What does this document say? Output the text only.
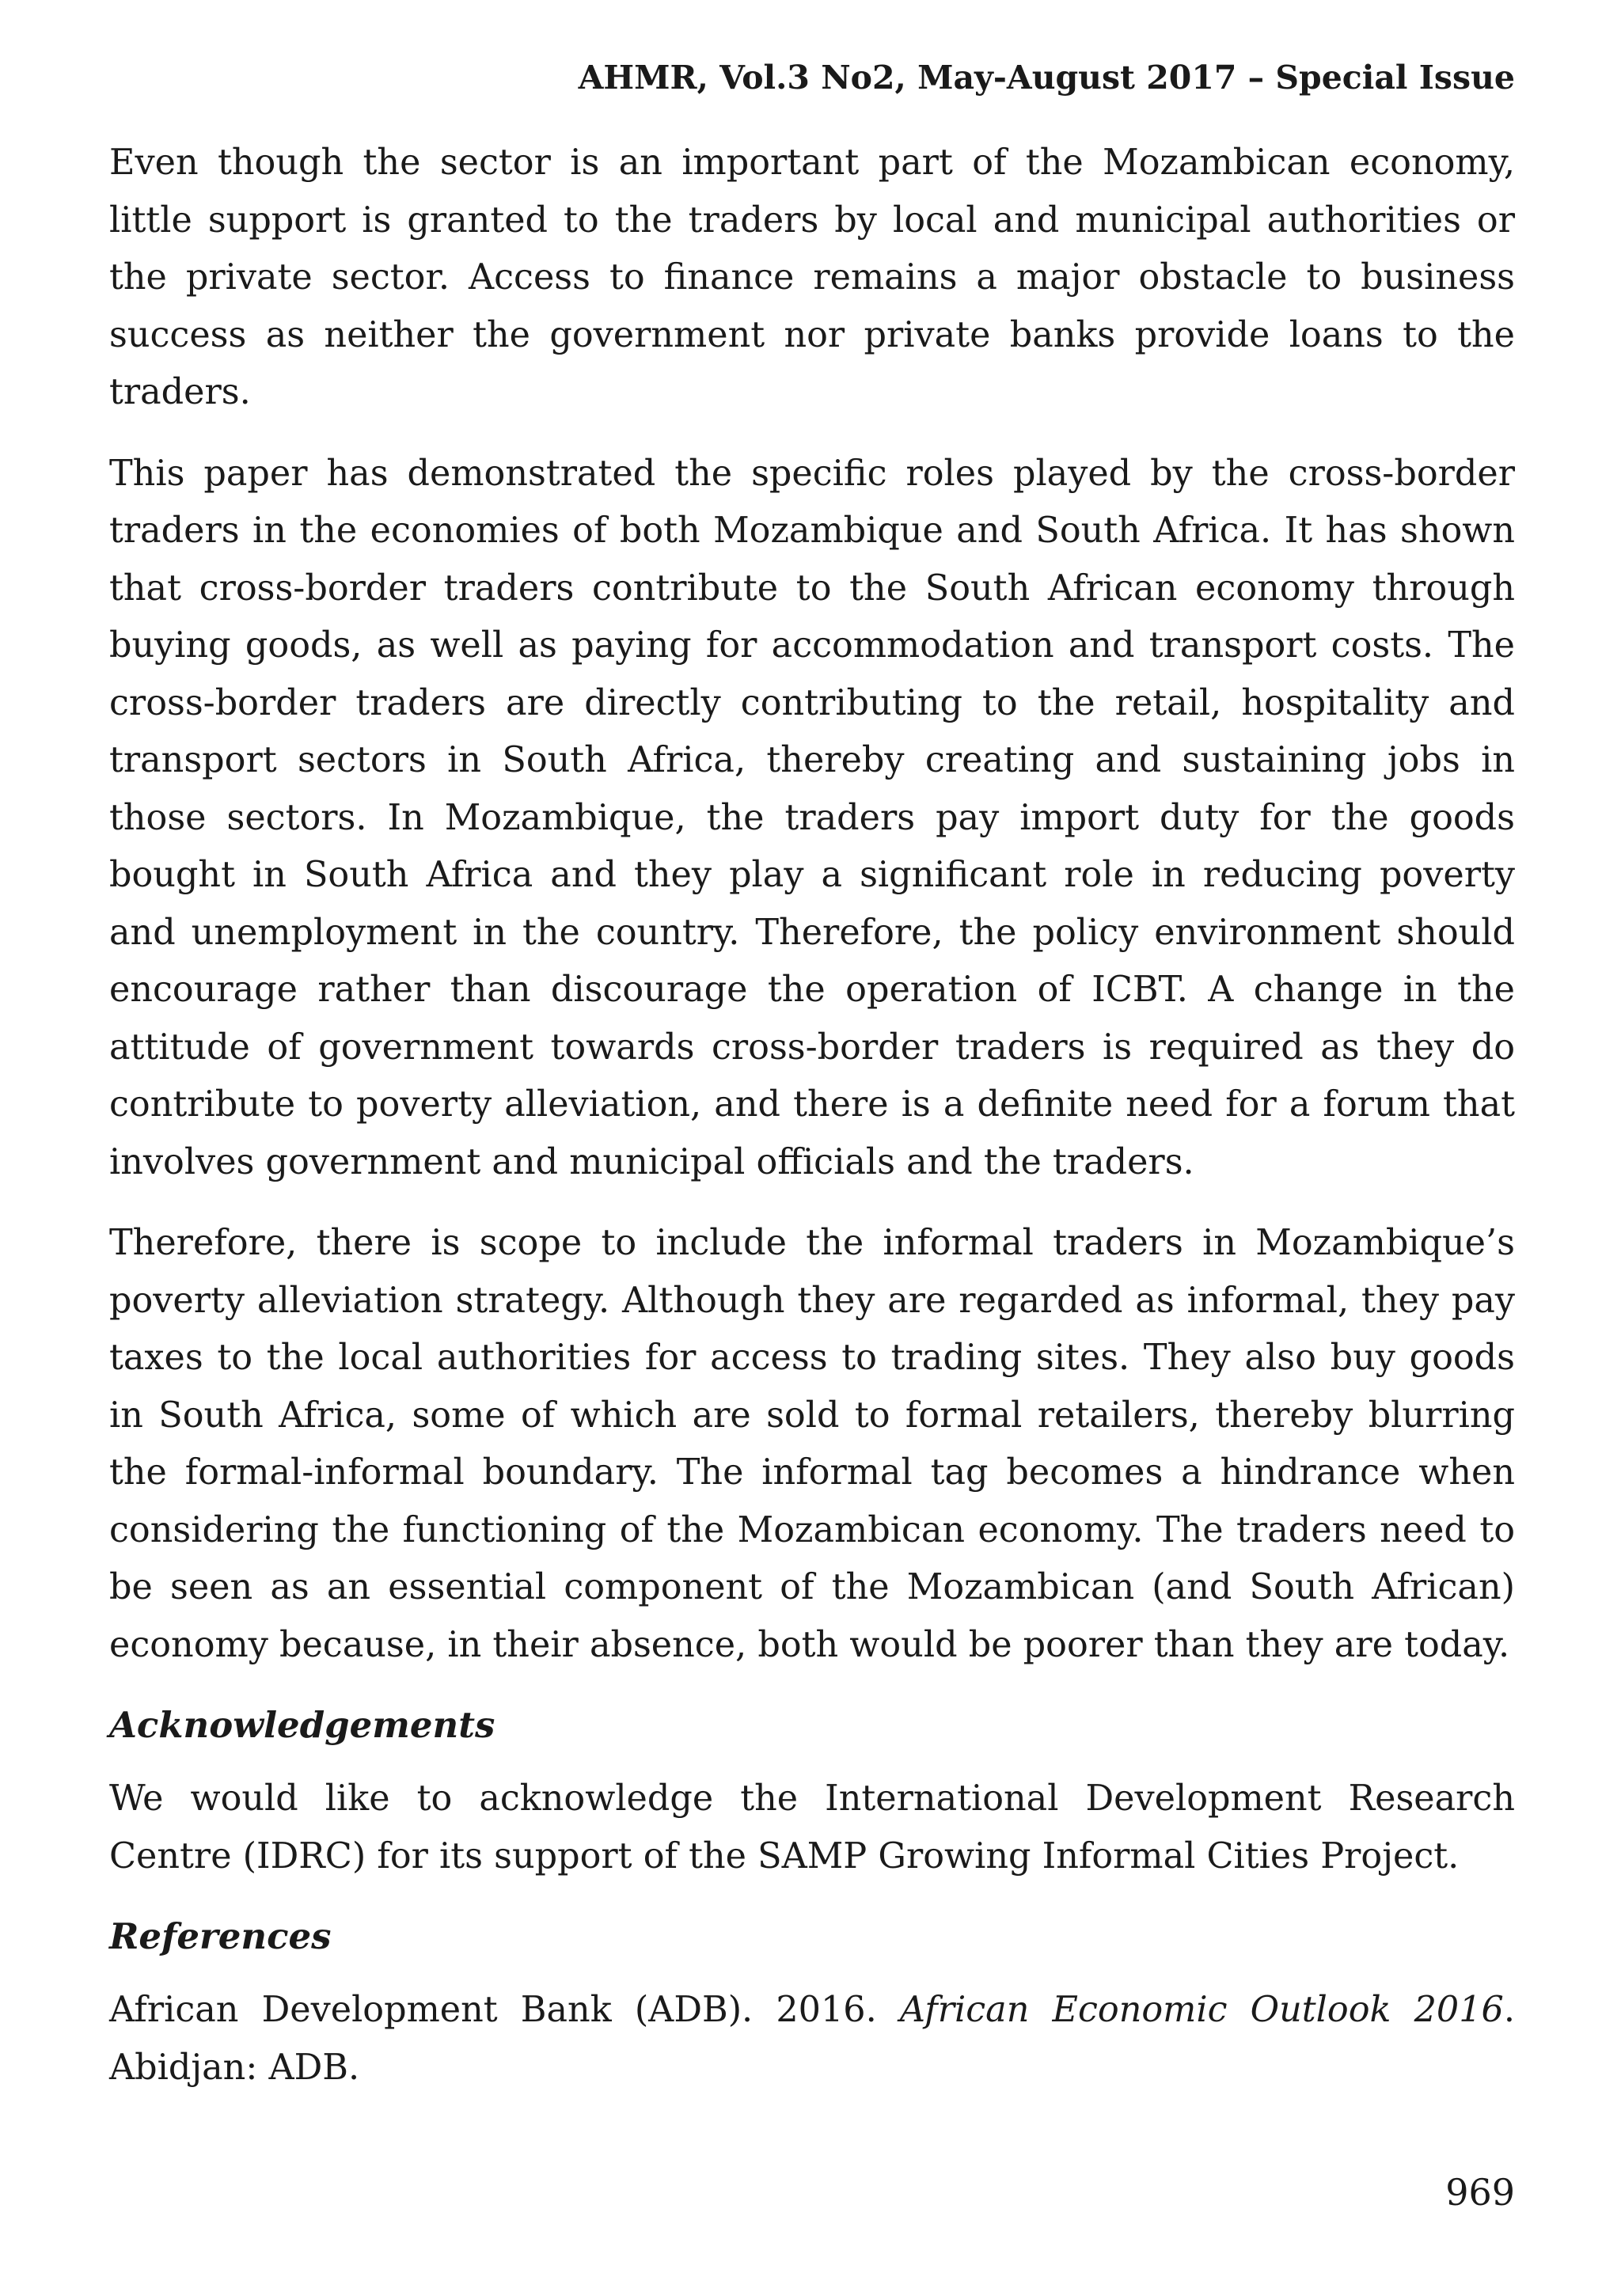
AHMR, Vol.3 No2, May-August 2017 – Special Issue

Even though the sector is an important part of the Mozambican economy, little support is granted to the traders by local and municipal authorities or the private sector. Access to finance remains a major obstacle to business success as neither the government nor private banks provide loans to the traders.

This paper has demonstrated the specific roles played by the cross-border traders in the economies of both Mozambique and South Africa. It has shown that cross-border traders contribute to the South African economy through buying goods, as well as paying for accommodation and transport costs. The cross-border traders are directly contributing to the retail, hospitality and transport sectors in South Africa, thereby creating and sustaining jobs in those sectors. In Mozambique, the traders pay import duty for the goods bought in South Africa and they play a significant role in reducing poverty and unemployment in the country. Therefore, the policy environment should encourage rather than discourage the operation of ICBT. A change in the attitude of government towards cross-border traders is required as they do contribute to poverty alleviation, and there is a definite need for a forum that involves government and municipal officials and the traders.

Therefore, there is scope to include the informal traders in Mozambique’s poverty alleviation strategy. Although they are regarded as informal, they pay taxes to the local authorities for access to trading sites. They also buy goods in South Africa, some of which are sold to formal retailers, thereby blurring the formal-informal boundary. The informal tag becomes a hindrance when considering the functioning of the Mozambican economy. The traders need to be seen as an essential component of the Mozambican (and South African) economy because, in their absence, both would be poorer than they are today.

Acknowledgements

We would like to acknowledge the International Development Research Centre (IDRC) for its support of the SAMP Growing Informal Cities Project.

References

African Development Bank (ADB). 2016. African Economic Outlook 2016. Abidjan: ADB.

969
